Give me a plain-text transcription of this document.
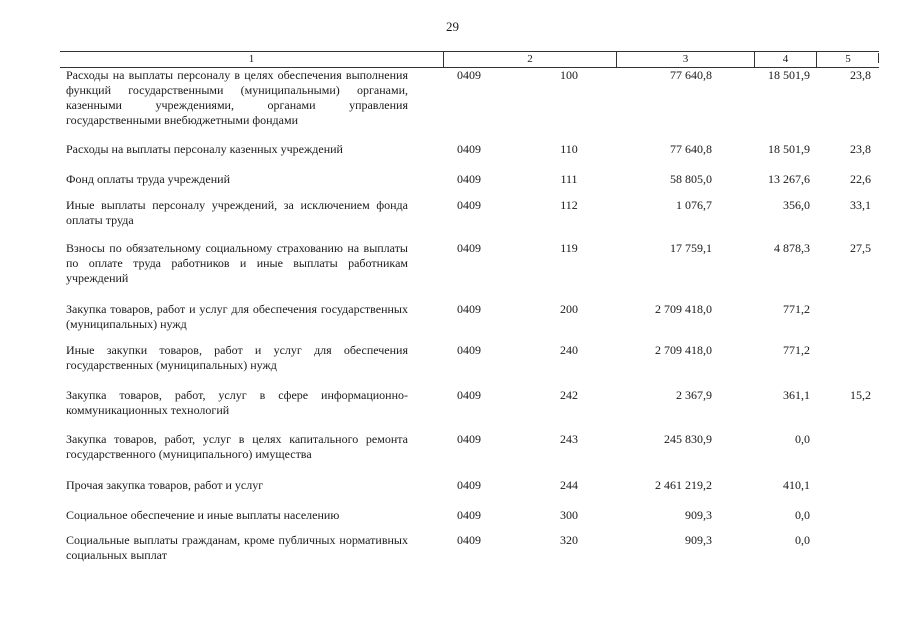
29
1	2	3	4	5
Расходы на выплаты персоналу в целях обеспечения выполнения функций государственными (муниципальными) органами, казенными учреждениями, органами управления государственными внебюджетными фондами
0409	100	77 640,8	18 501,9	23,8
Расходы на выплаты персоналу казенных учреждений	0409	110	77 640,8	18 501,9	23,8
Фонд оплаты труда учреждений	0409	111	58 805,0	13 267,6	22,6
Иные выплаты персоналу учреждений, за исключением фонда оплаты труда
0409	112	1 076,7	356,0	33,1
Взносы по обязательному социальному страхованию на выплаты по оплате труда работников и иные выплаты работникам учреждений
0409	119	17 759,1	4 878,3	27,5
Закупка товаров, работ и услуг для обеспечения государственных (муниципальных) нужд
0409	200	2 709 418,0	771,2
Иные закупки товаров, работ и услуг для обеспечения государственных (муниципальных) нужд
0409	240	2 709 418,0	771,2
Закупка товаров, работ, услуг в сфере информационно-коммуникационных технологий
0409	242	2 367,9	361,1	15,2
Закупка товаров, работ, услуг в целях капитального ремонта государственного (муниципального) имущества
0409	243	245 830,9	0,0
Прочая закупка товаров, работ и услуг	0409	244	2 461 219,2	410,1
Социальное обеспечение и иные выплаты населению	0409	300	909,3	0,0
Социальные выплаты гражданам, кроме публичных нормативных социальных выплат
0409	320	909,3	0,0
